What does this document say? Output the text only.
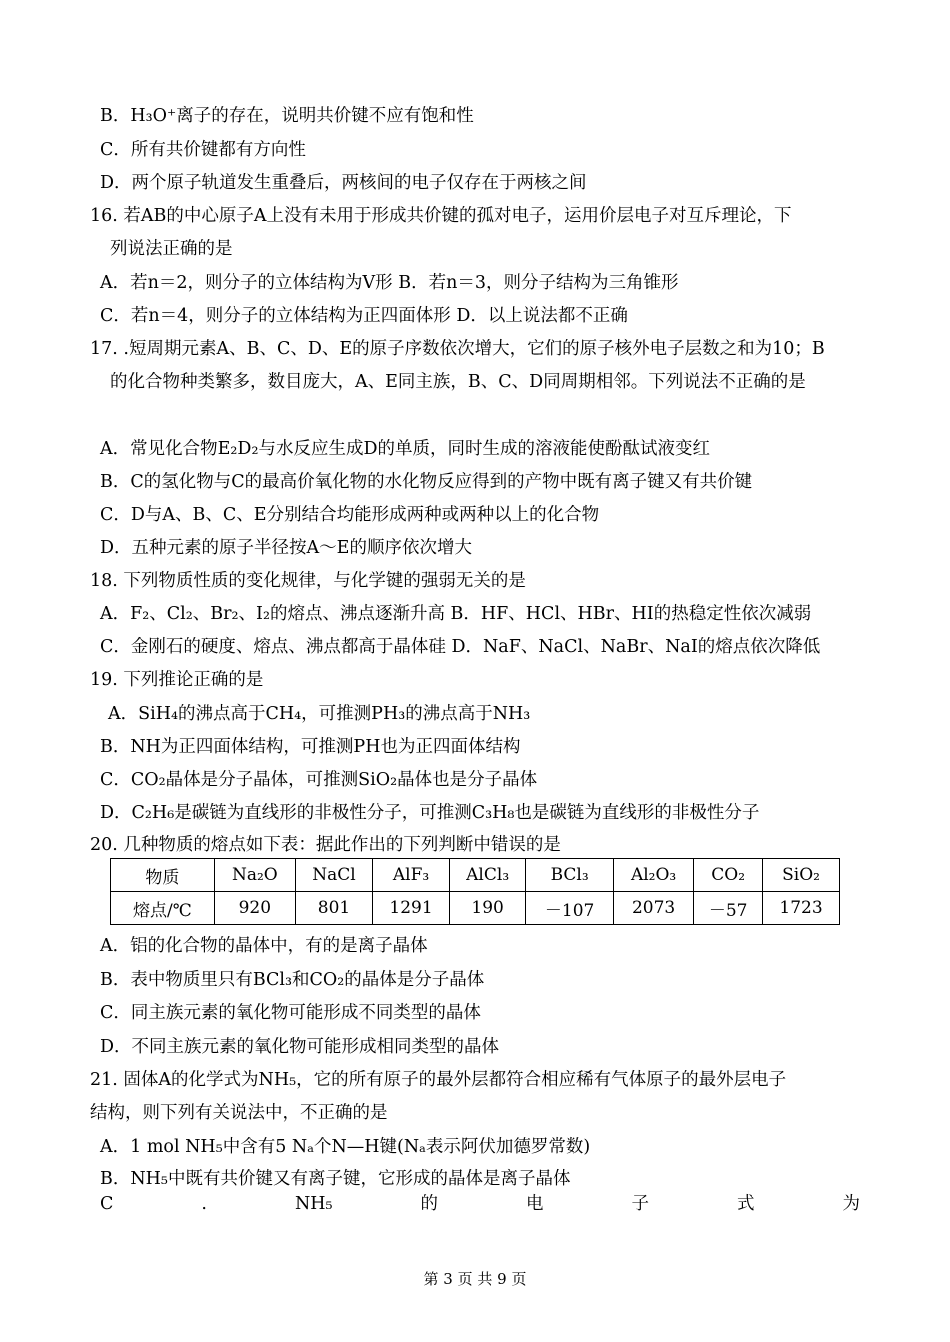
B．H₃O⁺离子的存在，说明共价键不应有饱和性
C．所有共价键都有方向性
D．两个原子轨道发生重叠后，两核间的电子仅存在于两核之间
16. 若AB的中心原子A上没有未用于形成共价键的孤对电子，运用价层电子对互斥理论，下
列说法正确的是
A．若n＝2，则分子的立体结构为V形 B．若n＝3，则分子结构为三角锥形
C．若n＝4，则分子的立体结构为正四面体形 D．以上说法都不正确
17. .短周期元素A、B、C、D、E的原子序数依次增大，它们的原子核外电子层数之和为10；B
的化合物种类繁多，数目庞大，A、E同主族，B、C、D同周期相邻。下列说法不正确的是
A．常见化合物E₂D₂与水反应生成D的单质，同时生成的溶液能使酚酞试液变红
B．C的氢化物与C的最高价氧化物的水化物反应得到的产物中既有离子键又有共价键
C．D与A、B、C、E分别结合均能形成两种或两种以上的化合物
D．五种元素的原子半径按A～E的顺序依次增大
18. 下列物质性质的变化规律，与化学键的强弱无关的是
A．F₂、Cl₂、Br₂、I₂的熔点、沸点逐渐升高 B．HF、HCl、HBr、HI的热稳定性依次减弱
C．金刚石的硬度、熔点、沸点都高于晶体硅 D．NaF、NaCl、NaBr、NaI的熔点依次降低
19. 下列推论正确的是
A．SiH₄的沸点高于CH₄，可推测PH₃的沸点高于NH₃
B．NH为正四面体结构，可推测PH也为正四面体结构
C．CO₂晶体是分子晶体，可推测SiO₂晶体也是分子晶体
D．C₂H₆是碳链为直线形的非极性分子，可推测C₃H₈也是碳链为直线形的非极性分子
20. 几种物质的熔点如下表：据此作出的下列判断中错误的是
物质	Na₂O	NaCl	AlF₃	AlCl₃	BCl₃	Al₂O₃	CO₂	SiO₂
熔点/℃	920	801	1291	190	－107	2073	－57	1723
A．铝的化合物的晶体中，有的是离子晶体
B．表中物质里只有BCl₃和CO₂的晶体是分子晶体
C．同主族元素的氧化物可能形成不同类型的晶体
D．不同主族元素的氧化物可能形成相同类型的晶体
21. 固体A的化学式为NH₅，它的所有原子的最外层都符合相应稀有气体原子的最外层电子
结构，则下列有关说法中，不正确的是
A．1 mol NH₅中含有5 Nₐ个N—H键(Nₐ表示阿伏加德罗常数)
B．NH₅中既有共价键又有离子键，它形成的晶体是离子晶体
C	.	NH₅	的	电	子	式	为
第 3 页 共 9 页
